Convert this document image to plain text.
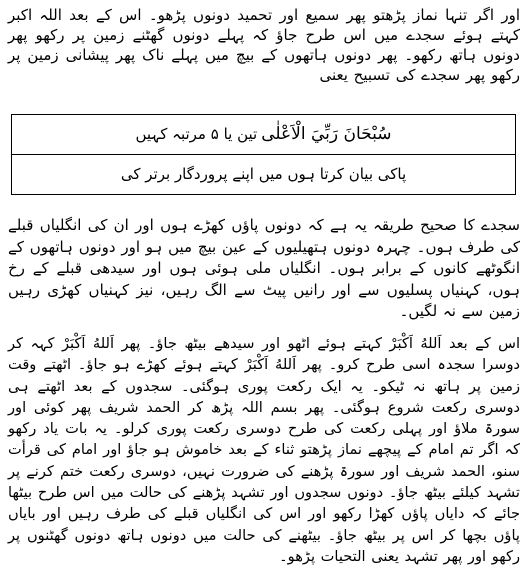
اور اگر تنہا نماز پڑھتو پھر سمیع اور تحمید دونوں پڑھو۔ اس کے بعد اللہ اکبر کہتے ہوئے سجدے میں اس طرح جاؤ کہ پہلے دونوں گھٹنے زمین پر رکھو پھر دونوں ہاتھ رکھو۔ پھر دونوں ہاتھوں کے بیچ میں پہلے ناک پھر پیشانی زمین پر رکھو پھر سجدے کی تسبیح یعنی

سُبْحَانَ رَبِّيَ الْاَعْلٰی
تین یا ۵ مرتبہ کہیں
پاکی بیان کرتا ہوں میں اپنے پروردگار برتر کی

سجدے کا صحیح طریقہ یہ ہے کہ دونوں پاؤں کھڑے ہوں اور ان کی انگلیاں قبلے کی طرف ہوں۔ چہرہ دونوں ہتھیلیوں کے عین بیچ میں ہو اور دونوں ہاتھوں کے انگوٹھے کانوں کے برابر ہوں۔ انگلیاں ملی ہوئی ہوں اور سیدھی قبلے کے رخ ہوں، کہنیاں پسلیوں سے اور رانیں پیٹ سے الگ رہیں، نیز کہنیاں کھڑی رہیں زمین سے نہ لگیں۔

اس کے بعد اَللهُ اَكْبَرْ کہتے ہوئے اٹھو اور سیدھے بیٹھ جاؤ۔ پھر اَللهُ اَكْبَرْ کہہ کر دوسرا سجدہ اسی طرح کرو۔ پھر اَللهُ اَكْبَرْ کہتے ہوئے کھڑے ہو جاؤ۔ اٹھتے وقت زمین پر ہاتھ نہ ٹیکو۔ یہ ایک رکعت پوری ہوگئی۔ سجدوں کے بعد اٹھتے ہی دوسری رکعت شروع ہوگئی۔ پھر بسم اللہ پڑھ کر الحمد شریف پھر کوئی اور سورۃ ملاؤ اور پہلی رکعت کی طرح دوسری رکعت پوری کرلو۔ یہ بات یاد رکھو کہ اگر تم امام کے پیچھے نماز پڑھتو ثناء کے بعد خاموش ہو جاؤ اور امام کی قرأت سنو، الحمد شریف اور سورۃ پڑھنے کی ضرورت نہیں، دوسری رکعت ختم کرنے پر تشہد کیلئے بیٹھ جاؤ۔ دونوں سجدوں اور تشہد پڑھنے کی حالت میں اس طرح بیٹھا جائے کہ دایاں پاؤں کھڑا رکھو اور اس کی انگلیاں قبلے کی طرف رہیں اور بایاں پاؤں بچھا کر اس پر بیٹھ جاؤ۔ بیٹھنے کی حالت میں دونوں ہاتھ دونوں گھٹنوں پر رکھو اور پھر تشہد یعنی التحیات پڑھو۔
